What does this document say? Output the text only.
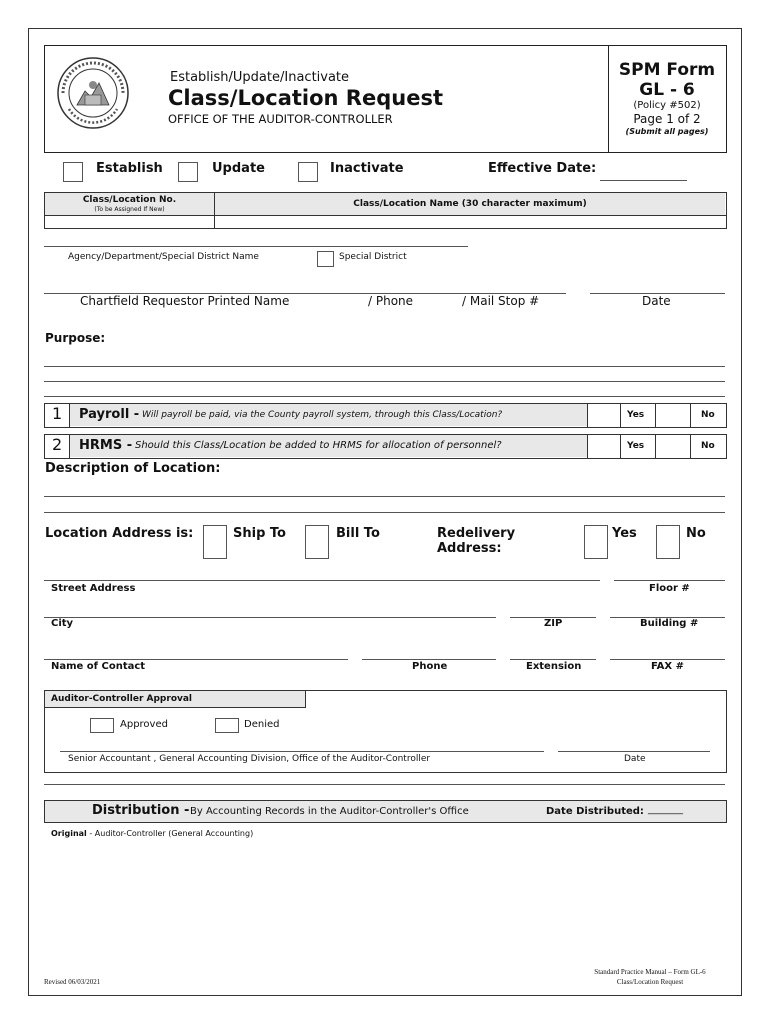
Establish/Update/Inactivate
Class/Location Request
OFFICE OF THE AUDITOR-CONTROLLER
SPM Form
GL - 6
(Policy #502)
Page 1 of 2
(Submit all pages)
Establish	Update	Inactivate	Effective Date:
Class/Location No.
(To be Assigned If New)
Class/Location Name (30 character maximum)
Agency/Department/Special District Name	Special District
Chartfield Requestor Printed Name	/ Phone	/ Mail Stop #	Date
Purpose:
1 Payroll - Will payroll be paid, via the County payroll system, through this Class/Location?	Yes	No
2 HRMS - Should this Class/Location be added to HRMS for allocation of personnel?	Yes	No
Description of Location:
Location Address is:	Ship To	Bill To	Redelivery
Address:
Yes	No
Street Address	Floor #
City	ZIP	Building #
Name of Contact	Phone	Extension	FAX #
Auditor-Controller Approval
Approved	Denied
Senior Accountant , General Accounting Division, Office of the Auditor-Controller	Date
Distribution - By Accounting Records in the Auditor-Controller's Office	Date Distributed: _______
Original - Auditor-Controller (General Accounting)
Revised 06/03/2021
Standard Practice Manual – Form GL-6
Class/Location Request
